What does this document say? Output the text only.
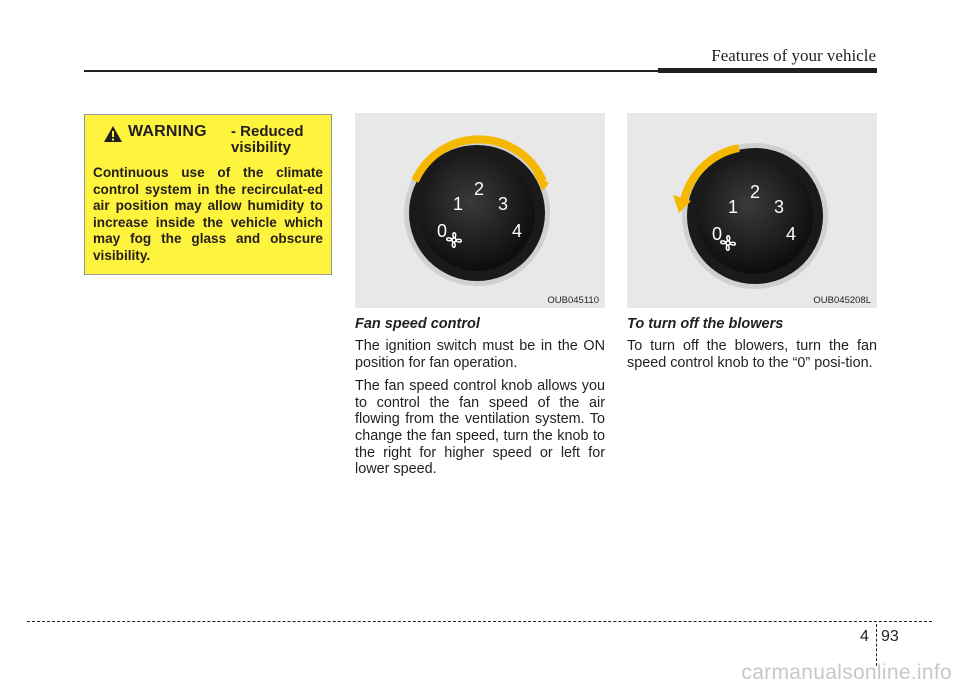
Features of your vehicle
WARNING - Reduced visibility
Continuous use of the climate control system in the recirculat-ed air position may allow humidity to increase inside the vehicle which may fog the glass and obscure visibility.
1
2
3
0	4
OUB045110
1
2
3
0	4
OUB045208L
Fan speed control

The ignition switch must be in the ON position for fan operation.

The fan speed control knob allows you to control the fan speed of the air flowing from the ventilation system. To change the fan speed, turn the knob to the right for higher speed or left for lower speed.

To turn off the blowers

To turn off the blowers, turn the fan speed control knob to the “0” posi-tion.

4 93
carmanualsonline.info
